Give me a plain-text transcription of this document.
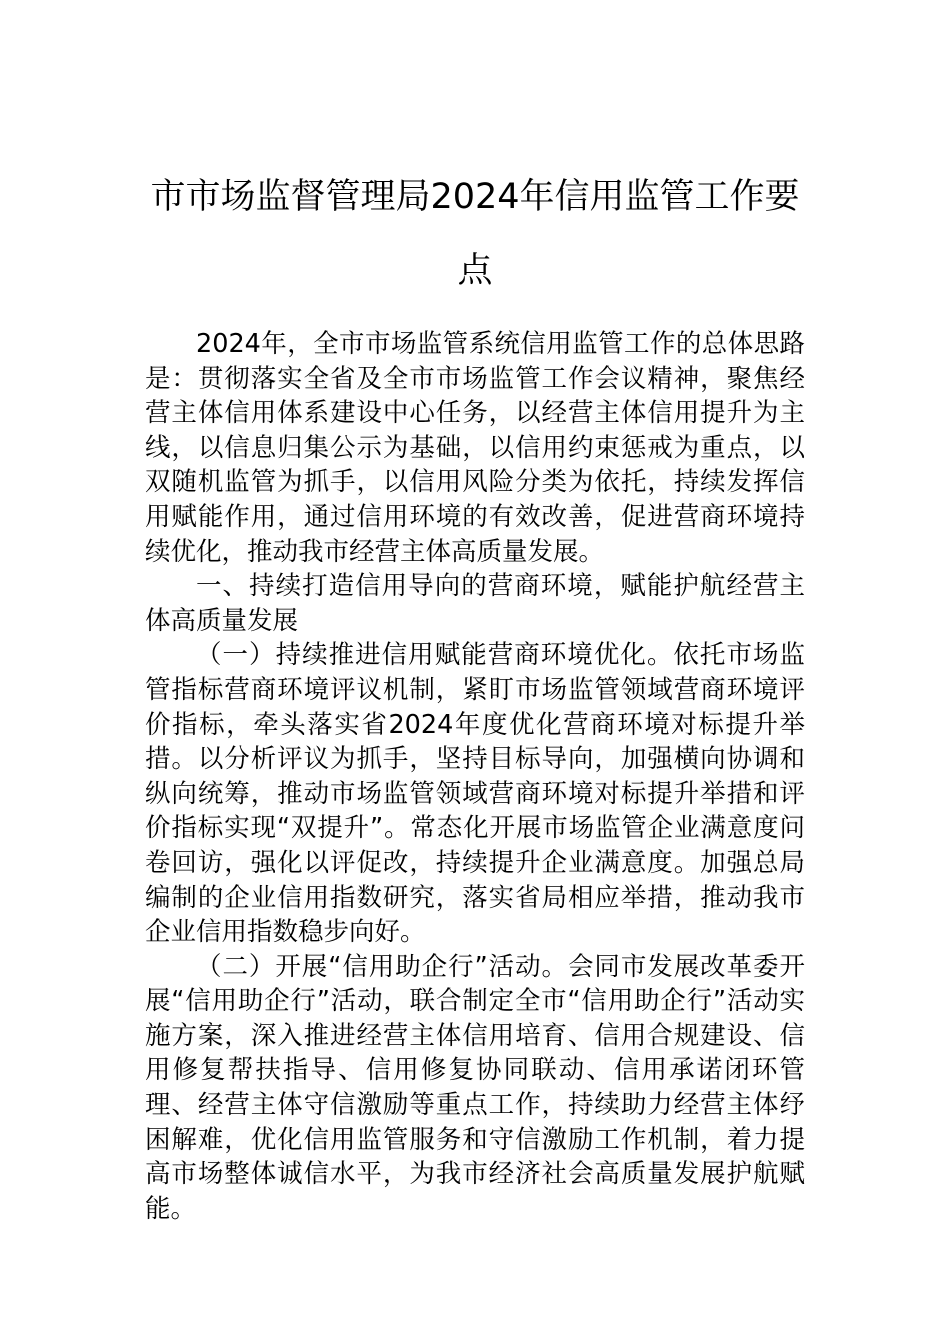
市市场监督管理局2024年信用监管工作要点

2024年，全市市场监管系统信用监管工作的总体思路是：贯彻落实全省及全市市场监管工作会议精神，聚焦经营主体信用体系建设中心任务，以经营主体信用提升为主线，以信息归集公示为基础，以信用约束惩戒为重点，以双随机监管为抓手，以信用风险分类为依托，持续发挥信用赋能作用，通过信用环境的有效改善，促进营商环境持续优化，推动我市经营主体高质量发展。

一、持续打造信用导向的营商环境，赋能护航经营主体高质量发展

（一）持续推进信用赋能营商环境优化。依托市场监管指标营商环境评议机制，紧盯市场监管领域营商环境评价指标，牵头落实省2024年度优化营商环境对标提升举措。以分析评议为抓手，坚持目标导向，加强横向协调和纵向统筹，推动市场监管领域营商环境对标提升举措和评价指标实现“双提升”。常态化开展市场监管企业满意度问卷回访，强化以评促改，持续提升企业满意度。加强总局编制的企业信用指数研究，落实省局相应举措，推动我市企业信用指数稳步向好。

（二）开展“信用助企行”活动。会同市发展改革委开展“信用助企行”活动，联合制定全市“信用助企行”活动实施方案，深入推进经营主体信用培育、信用合规建设、信用修复帮扶指导、信用修复协同联动、信用承诺闭环管理、经营主体守信激励等重点工作，持续助力经营主体纾困解难，优化信用监管服务和守信激励工作机制，着力提高市场整体诚信水平，为我市经济社会高质量发展护航赋能。
